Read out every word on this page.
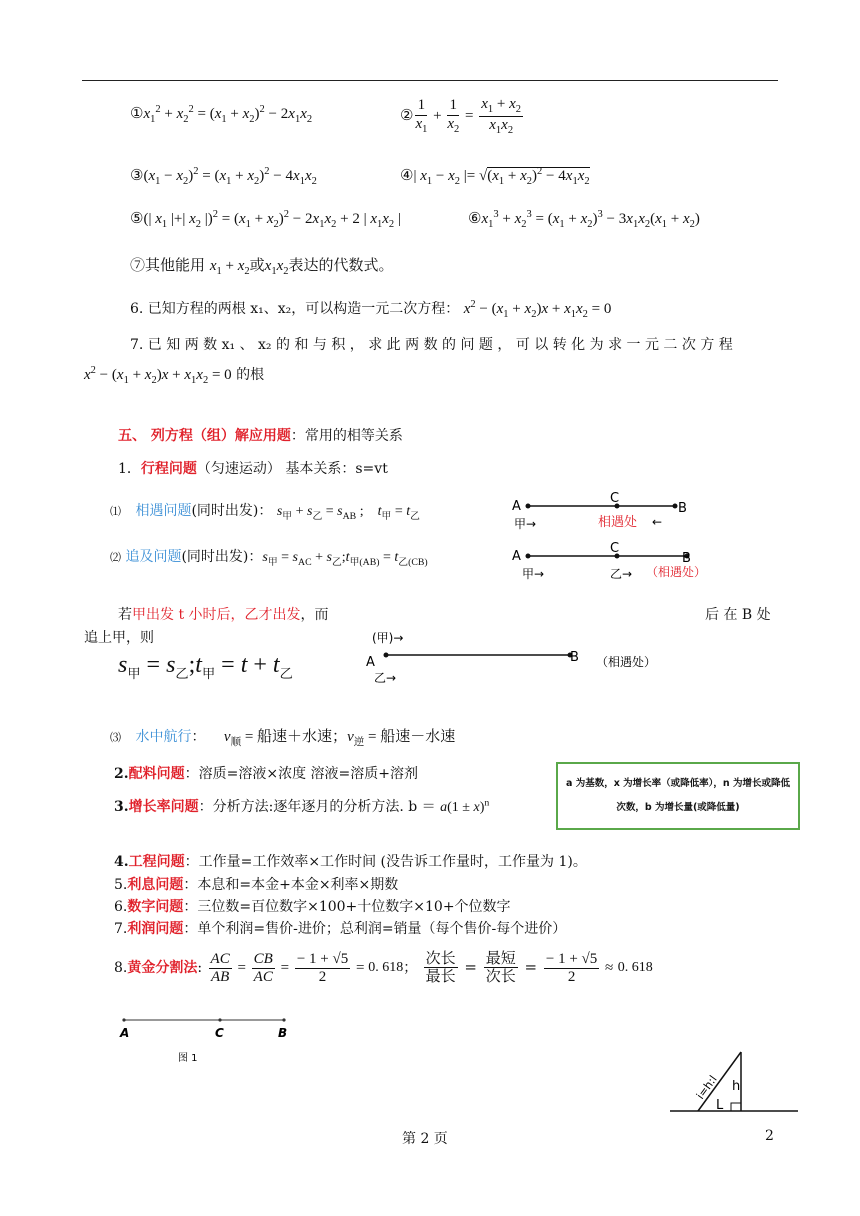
$①x_1^2 + x_2^2 = (x_1 + x_2)^2 - 2x_1x_2$	② $\frac{1}{x_1} + \frac{1}{x_2} = \frac{x_1 + x_2}{x_1x_2}$
$③(x_1 - x_2)^2 = (x_1 + x_2)^2 - 4x_1x_2$	④| $x_1 - x_2$ |= $√(x_1 + x_2)^2 - 4x_1x_2$
⑤(| $x_1$ |+| $x_2$ $|)^2 = (x_1 + x_2)^2 - 2x_1x_2 + 2$ | $x_1x_2$ |	$⑥x_1^3 + x_2^3 = (x_1 + x_2)^3 - 3x_1x_2(x_1 + x_2)$
⑦其他能用 $x_1 + x_2$或$x_1x_2$表达的代数式。
6. 已知方程的两根 x₁、x₂，可以构造一元二次方程： $x^2 - (x_1 + x_2)x + x_1x_2 = 0$
7. 已 知 两 数 x₁ 、 x₂ 的 和 与 积 ， 求 此 两 数 的 问 题 ， 可 以 转 化 为 求 一 元 二 次 方 程
$x^2 - (x_1 + x_2)x + x_1x_2 = 0$ 的根
五、 列方程（组）解应用题：常用的相等关系
1．行程问题（匀速运动） 基本关系：s=vt
⑴ 相遇问题(同时出发)： $s_甲 + s_乙 = s_{AB}$ ;    $t_甲 = t_乙$
A
C
B
甲→	相遇处 ←
⑵ 追及问题(同时出发)：$s_甲 = s_{AC}$ + $s_乙;t_{甲(AB)} = t_{乙(CB)}$	A
C
B
甲→	乙→ （相遇处）
若甲出发 t 小时后，乙才出发，而	后 在 B 处
追上甲，则
$s_甲$ = $s_乙;t_甲 = t + t_乙$
(甲)→
A	B
乙→
（相遇处）
⑶ 水中航行： $v_顺$ = 船速＋水速；$v_逆$ = 船速－水速
2.配料问题：溶质=溶液×浓度 溶液=溶质+溶剂
3.增长率问题：分析方法:逐年逐月的分析方法. $b = a(1 \pm x)^n$
a 为基数，x 为增长率（或降低率），n 为增长或降低次数，b 为增长量(或降低量)
4.工程问题：工作量=工作效率×工作时间 (没告诉工作量时，工作量为 1)。
5.利息问题：本息和=本金+本金×利率×期数
6.数字问题：三位数=百位数字×100+十位数字×10+个位数字
7.利润问题：单个利润=售价-进价；总利润=销量（每个售价-每个进价）
8.黄金分割法: $\frac{AC}{AB} = \frac{CB}{AC} = \frac{- 1 + √5}{2} = 0$. 618； $\frac{\text{次长}}{\text{最长}} = \frac{\text{最短}}{\text{次长}} = \frac{- 1 + √5}{2} \approx 0$. 618
A	C	B
图 1
i=h:l h
L
第 2 页	2
